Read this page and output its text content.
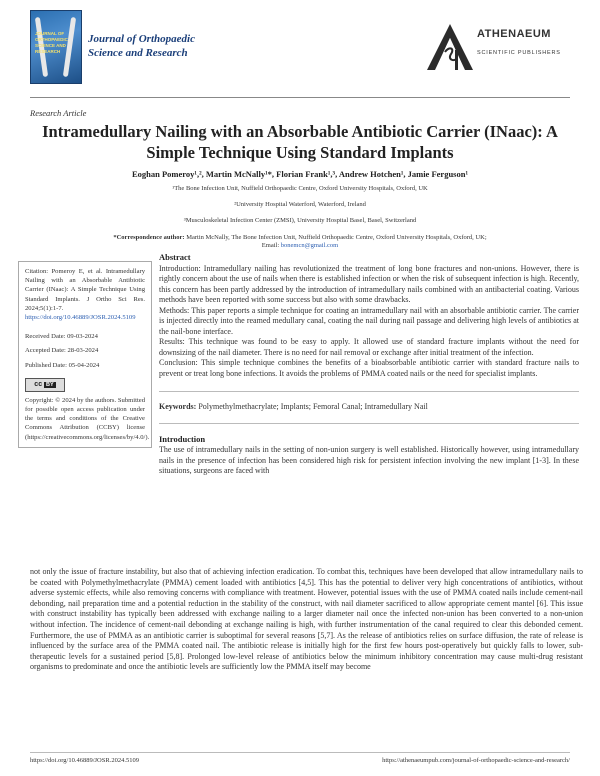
JOURNAL OF ORTHOPAEDIC SCIENCE AND RESEARCH
Journal of Orthopaedic Science and Research
ATHENAEUM
SCIENTIFIC PUBLISHERS
Research Article
Intramedullary Nailing with an Absorbable Antibiotic Carrier (INaac): A Simple Technique Using Standard Implants
Eoghan Pomeroy¹,², Martin McNally¹*, Florian Frank¹,³, Andrew Hotchen¹, Jamie Ferguson¹
¹The Bone Infection Unit, Nuffield Orthopaedic Centre, Oxford University Hospitals, Oxford, UK
²University Hospital Waterford, Waterford, Ireland
³Musculoskeletal Infection Center (ZMSI), University Hospital Basel, Basel, Switzerland
*Correspondence author: Martin McNally, The Bone Infection Unit, Nuffield Orthopaedic Centre, Oxford University Hospitals, Oxford, UK;
Email: bonemcn@gmail.com
Citation: Pomeroy E, et al. Intramedullary Nailing with an Absorbable Antibiotic Carrier (INaac): A Simple Technique Using Standard Implants. J Ortho Sci Res. 2024;5(1):1-7.
https://doi.org/10.46889/JOSR.2024.5109

Received Date: 09-03-2024

Accepted Date: 28-03-2024

Published Date: 05-04-2024

cc BY
Copyright: © 2024 by the authors. Submitted for possible open access publication under the terms and conditions of the Creative Commons Attribution (CCBY) license (https://creativecommons.org/licenses/by/4.0/).

Abstract

Introduction: Intramedullary nailing has revolutionized the treatment of long bone fractures and non-unions. However, there is rightly concern about the use of nails when there is established infection or when the risk of subsequent infection is high. Recently, this concern has been partly addressed by the introduction of intramedullary nails combined with an antibacterial coating. Various methods have been reported with some success but also with some drawbacks.

Methods: This paper reports a simple technique for coating an intramedullary nail with an absorbable antibiotic carrier. The carrier is injected directly into the reamed medullary canal, coating the nail during nail passage and delivering high levels of antibiotics at the nail-bone interface.

Results: This technique was found to be easy to apply. It allowed use of standard fracture implants without the need for downsizing of the nail diameter. There is no need for nail removal or exchange after initial treatment of the infection.

Conclusion: This simple technique combines the benefits of a bioabsorbable antibiotic carrier with standard fracture nails to prevent or treat long bone infections. It avoids the problems of PMMA coated nails or the need for specialist implants.

Keywords: Polymethylmethacrylate; Implants; Femoral Canal; Intramedullary Nail

Introduction

The use of intramedullary nails in the setting of non-union surgery is well established. Historically however, using intramedullary nails in the presence of infection has been considered high risk for persistent infection involving the new implant [1-3]. In these situations, surgeons are faced with

not only the issue of fracture instability, but also that of achieving infection eradication. To combat this, techniques have been developed that allow intramedullary nails to be coated with Polymethylmethacrylate (PMMA) cement loaded with antibiotics [4,5]. This has the potential to deliver very high concentrations of antibiotics, without adverse systemic effects, while also removing concerns with compliance with treatment. However, potential issues with the use of PMMA coated nails include cement-nail debonding, nail preparation time and a potential reduction in the stability of the construct, with nail diameter sacrificed to allow appropriate cement mantel [6]. This issue with construct instability has typically been addressed with exchange nailing to a larger diameter nail once the infected non-union has been converted to a non-union without infection. The incidence of cement-nail debonding at exchange nailing is high, with further instrumentation of the canal required to clear this debonded cement. Furthermore, the use of PMMA as an antibiotic carrier is suboptimal for several reasons [5,7]. As the release of antibiotics relies on surface diffusion, the rate of release is influenced by the surface area of the PMMA coated nail. The antibiotic release is initially high for the first few hours post-operatively but quickly falls to lower, sub-therapeutic levels for a sustained period [5,8]. Prolonged low-level release of antibiotics below the minimum inhibitory concentration may cause multi-drug resistant organisms to predominate and once the antibiotic levels are sufficiently low the PMMA itself may become
https://doi.org/10.46889/JOSR.2024.5109	https://athenaeumpub.com/journal-of-orthopaedic-science-and-research/
